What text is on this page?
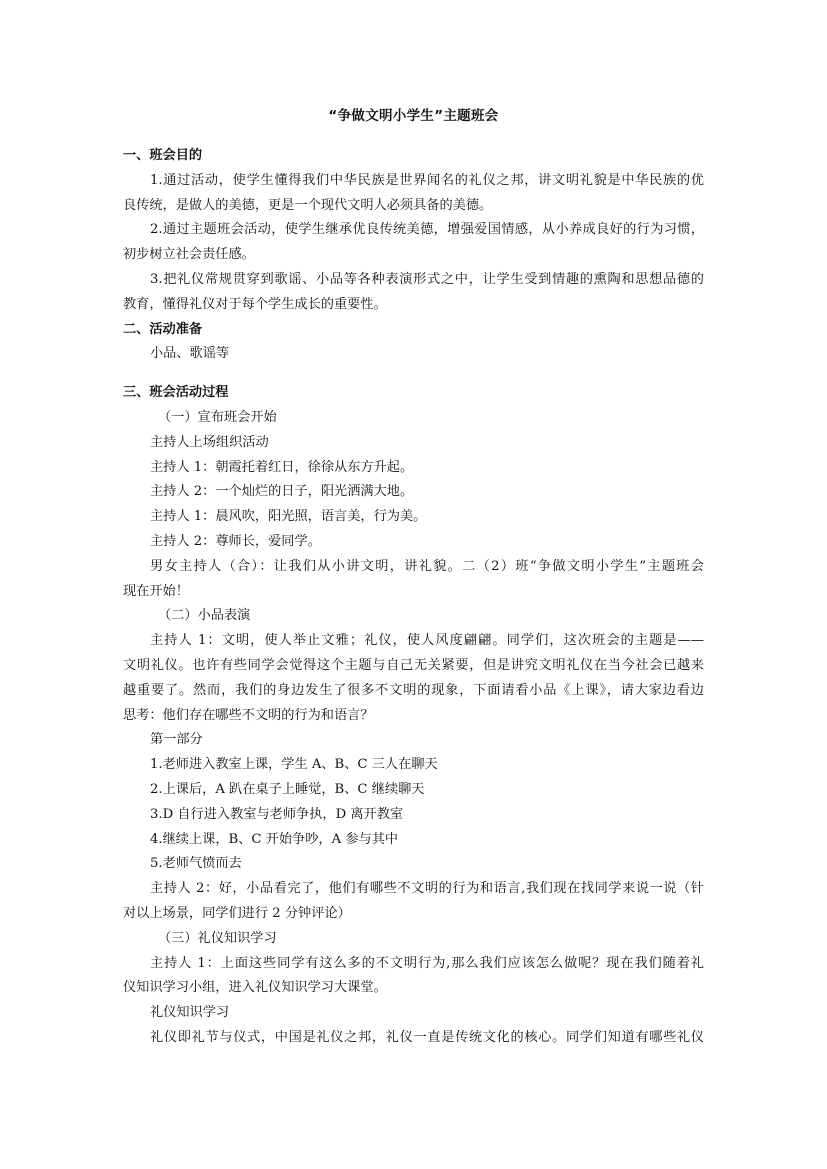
“争做文明小学生”主题班会
一、班会目的
1.通过活动，使学生懂得我们中华民族是世界闻名的礼仪之邦，讲文明礼貌是中华民族的优
良传统，是做人的美德，更是一个现代文明人必须具备的美德。
2.通过主题班会活动，使学生继承优良传统美德，增强爱国情感，从小养成良好的行为习惯，
初步树立社会责任感。
3.把礼仪常规贯穿到歌谣、小品等各种表演形式之中，让学生受到情趣的熏陶和思想品德的
教育，懂得礼仪对于每个学生成长的重要性。
二、活动准备
小品、歌谣等
三、班会活动过程
（一）宣布班会开始
主持人上场组织活动
主持人 1：朝霞托着红日，徐徐从东方升起。
主持人 2：一个灿烂的日子，阳光洒满大地。
主持人 1：晨风吹，阳光照，语言美，行为美。
主持人 2：尊师长，爱同学。
男女主持人（合）：让我们从小讲文明，讲礼貌。二（2）班“争做文明小学生”主题班会
现在开始！
（二）小品表演
主持人 1：文明，使人举止文雅；礼仪，使人风度翩翩。同学们，这次班会的主题是——
文明礼仪。也许有些同学会觉得这个主题与自己无关紧要，但是讲究文明礼仪在当今社会已越来
越重要了。然而，我们的身边发生了很多不文明的现象，下面请看小品《上课》，请大家边看边
思考：他们存在哪些不文明的行为和语言？
第一部分
1.老师进入教室上课，学生 A、B、C 三人在聊天
2.上课后，A 趴在桌子上睡觉，B、C 继续聊天
3.D 自行进入教室与老师争执，D 离开教室
4.继续上课，B、C 开始争吵，A 参与其中
5.老师气愤而去
主持人 2：好，小品看完了，他们有哪些不文明的行为和语言,我们现在找同学来说一说（针
对以上场景，同学们进行 2 分钟评论）
（三）礼仪知识学习
主持人 1：上面这些同学有这么多的不文明行为,那么我们应该怎么做呢？现在我们随着礼
仪知识学习小组，进入礼仪知识学习大课堂。
礼仪知识学习
礼仪即礼节与仪式，中国是礼仪之邦，礼仪一直是传统文化的核心。同学们知道有哪些礼仪
